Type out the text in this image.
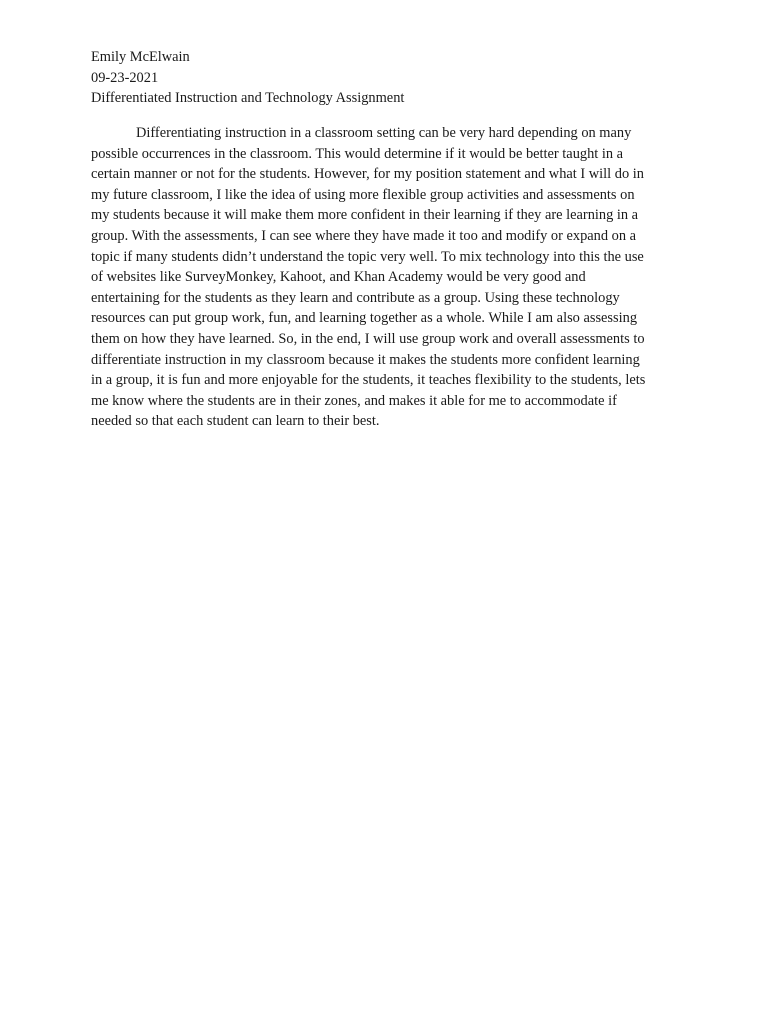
Emily McElwain
09-23-2021
Differentiated Instruction and Technology Assignment
Differentiating instruction in a classroom setting can be very hard depending on many
possible occurrences in the classroom. This would determine if it would be better taught in a
certain manner or not for the students. However, for my position statement and what I will do in
my future classroom, I like the idea of using more flexible group activities and assessments on
my students because it will make them more confident in their learning if they are learning in a
group. With the assessments, I can see where they have made it too and modify or expand on a
topic if many students didn’t understand the topic very well. To mix technology into this the use
of websites like SurveyMonkey, Kahoot, and Khan Academy would be very good and
entertaining for the students as they learn and contribute as a group. Using these technology
resources can put group work, fun, and learning together as a whole. While I am also assessing
them on how they have learned. So, in the end, I will use group work and overall assessments to
differentiate instruction in my classroom because it makes the students more confident learning
in a group, it is fun and more enjoyable for the students, it teaches flexibility to the students, lets
me know where the students are in their zones, and makes it able for me to accommodate if
needed so that each student can learn to their best.
